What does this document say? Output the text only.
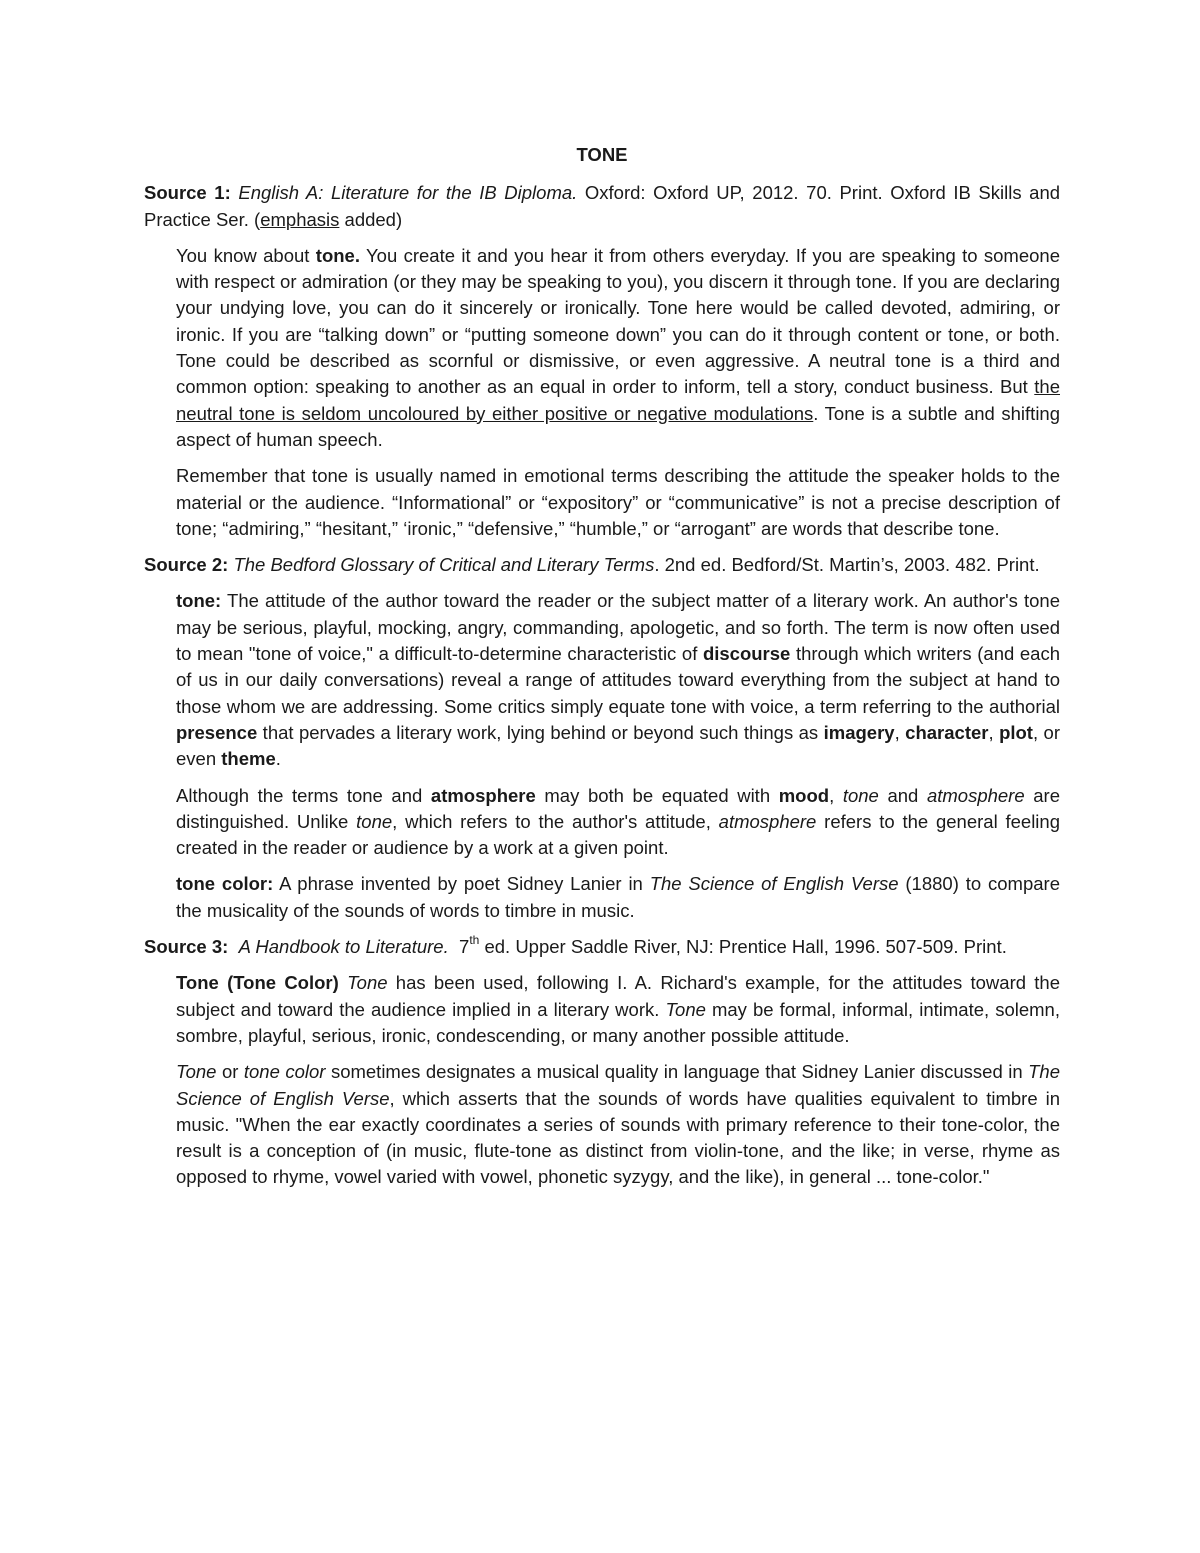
TONE
Source 1: English A: Literature for the IB Diploma. Oxford: Oxford UP, 2012. 70. Print. Oxford IB Skills and Practice Ser. (emphasis added)
You know about tone. You create it and you hear it from others everyday. If you are speaking to someone with respect or admiration (or they may be speaking to you), you discern it through tone. If you are declaring your undying love, you can do it sincerely or ironically. Tone here would be called devoted, admiring, or ironic. If you are “talking down” or “putting someone down” you can do it through content or tone, or both. Tone could be described as scornful or dismissive, or even aggressive. A neutral tone is a third and common option: speaking to another as an equal in order to inform, tell a story, conduct business. But the neutral tone is seldom uncoloured by either positive or negative modulations. Tone is a subtle and shifting aspect of human speech.
Remember that tone is usually named in emotional terms describing the attitude the speaker holds to the material or the audience. “Informational” or “expository” or “communicative” is not a precise description of tone; “admiring,” “hesitant,” ‘ironic,” “defensive,” “humble,” or “arrogant” are words that describe tone.
Source 2: The Bedford Glossary of Critical and Literary Terms. 2nd ed. Bedford/St. Martin’s, 2003. 482. Print.
tone: The attitude of the author toward the reader or the subject matter of a literary work. An author's tone may be serious, playful, mocking, angry, commanding, apologetic, and so forth. The term is now often used to mean "tone of voice," a difficult-to-determine characteristic of discourse through which writers (and each of us in our daily conversations) reveal a range of attitudes toward everything from the subject at hand to those whom we are addressing. Some critics simply equate tone with voice, a term referring to the authorial presence that pervades a literary work, lying behind or beyond such things as imagery, character, plot, or even theme.
Although the terms tone and atmosphere may both be equated with mood, tone and atmosphere are distinguished. Unlike tone, which refers to the author's attitude, atmosphere refers to the general feeling created in the reader or audience by a work at a given point.
tone color: A phrase invented by poet Sidney Lanier in The Science of English Verse (1880) to compare the musicality of the sounds of words to timbre in music.
Source 3: A Handbook to Literature. 7th ed. Upper Saddle River, NJ: Prentice Hall, 1996. 507-509. Print.
Tone (Tone Color) Tone has been used, following I. A. Richard's example, for the attitudes toward the subject and toward the audience implied in a literary work. Tone may be formal, informal, intimate, solemn, sombre, playful, serious, ironic, condescending, or many another possible attitude.
Tone or tone color sometimes designates a musical quality in language that Sidney Lanier discussed in The Science of English Verse, which asserts that the sounds of words have qualities equivalent to timbre in music. "When the ear exactly coordinates a series of sounds with primary reference to their tone-color, the result is a conception of (in music, flute-tone as distinct from violin-tone, and the like; in verse, rhyme as opposed to rhyme, vowel varied with vowel, phonetic syzygy, and the like), in general ... tone-color."
